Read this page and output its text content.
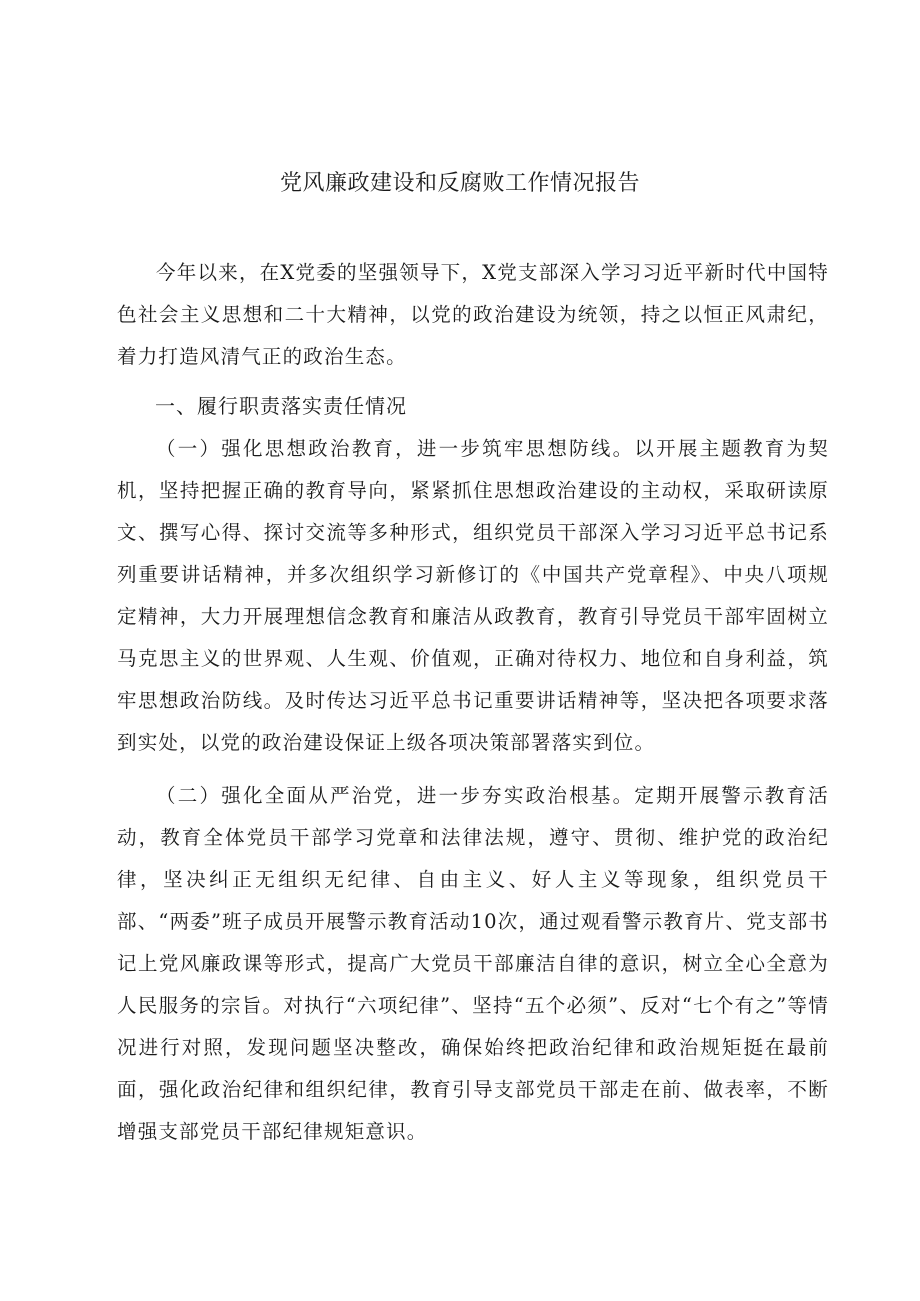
党风廉政建设和反腐败工作情况报告

今年以来，在X党委的坚强领导下，X党支部深入学习习近平新时代中国特色社会主义思想和二十大精神，以党的政治建设为统领，持之以恒正风肃纪，着力打造风清气正的政治生态。

一、履行职责落实责任情况

（一）强化思想政治教育，进一步筑牢思想防线。以开展主题教育为契机，坚持把握正确的教育导向，紧紧抓住思想政治建设的主动权，采取研读原文、撰写心得、探讨交流等多种形式，组织党员干部深入学习习近平总书记系列重要讲话精神，并多次组织学习新修订的《中国共产党章程》、中央八项规定精神，大力开展理想信念教育和廉洁从政教育，教育引导党员干部牢固树立马克思主义的世界观、人生观、价值观，正确对待权力、地位和自身利益，筑牢思想政治防线。及时传达习近平总书记重要讲话精神等，坚决把各项要求落到实处，以党的政治建设保证上级各项决策部署落实到位。

（二）强化全面从严治党，进一步夯实政治根基。定期开展警示教育活动，教育全体党员干部学习党章和法律法规，遵守、贯彻、维护党的政治纪律，坚决纠正无组织无纪律、自由主义、好人主义等现象，组织党员干部、“两委”班子成员开展警示教育活动10次，通过观看警示教育片、党支部书记上党风廉政课等形式，提高广大党员干部廉洁自律的意识，树立全心全意为人民服务的宗旨。对执行“六项纪律”、坚持“五个必须”、反对“七个有之”等情况进行对照，发现问题坚决整改，确保始终把政治纪律和政治规矩挺在最前面，强化政治纪律和组织纪律，教育引导支部党员干部走在前、做表率，不断增强支部党员干部纪律规矩意识。
